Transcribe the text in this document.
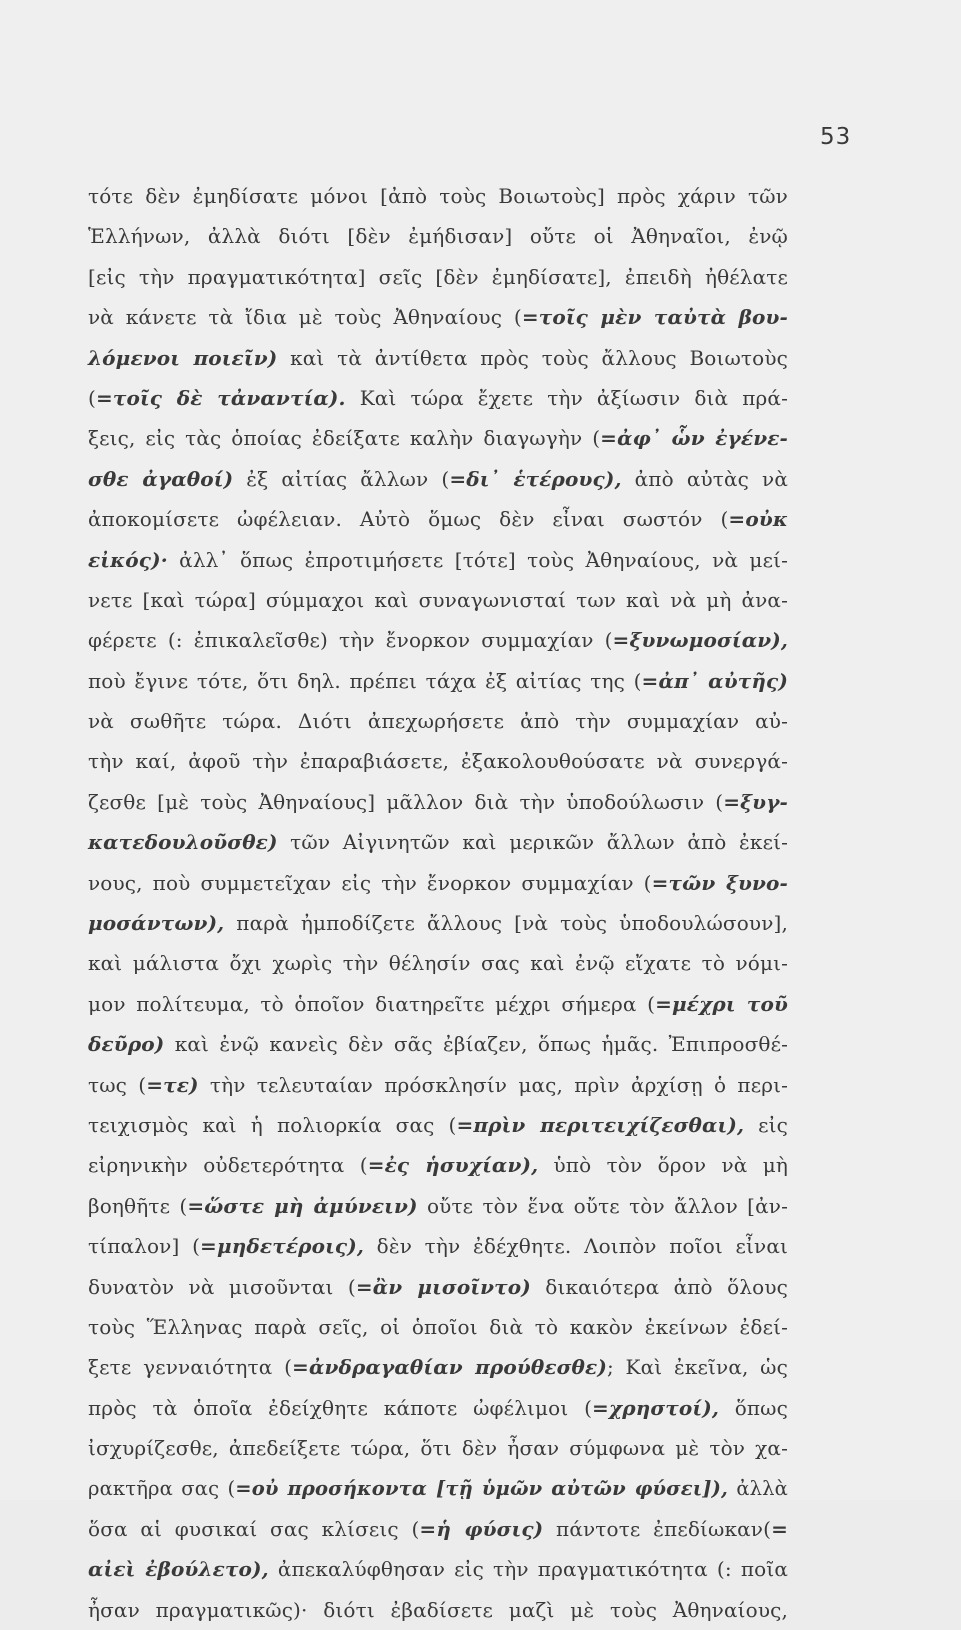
53
τότε δὲν ἐμηδίσατε μόνοι [ἀπὸ τοὺς Βοιωτοὺς] πρὸς χάριν τῶν
Ἑλλήνων, ἀλλὰ διότι [δὲν ἐμήδισαν] οὔτε οἱ Ἀθηναῖοι, ἐνῷ
[εἰς τὴν πραγματικότητα] σεῖς [δὲν ἐμηδίσατε], ἐπειδὴ ἠθέλατε
νὰ κάνετε τὰ ἴδια μὲ τοὺς Ἀθηναίους (=τοῖς μὲν ταὐτὰ βου-
λόμενοι ποιεῖν) καὶ τὰ ἀντίθετα πρὸς τοὺς ἄλλους Βοιωτοὺς
(=τοῖς δὲ τἀναντία). Καὶ τώρα ἔχετε τὴν ἀξίωσιν διὰ πρά-
ξεις, εἰς τὰς ὁποίας ἐδείξατε καλὴν διαγωγὴν (=ἀφ᾿ ὧν ἐγένε-
σθε ἀγαθοί) ἐξ αἰτίας ἄλλων (=δι᾿ ἑτέρους), ἀπὸ αὐτὰς νὰ
ἀποκομίσετε ὠφέλειαν. Αὐτὸ ὅμως δὲν εἶναι σωστόν (=οὐκ
εἰκός)· ἀλλ᾿ ὅπως ἐπροτιμήσετε [τότε] τοὺς Ἀθηναίους, νὰ μεί-
νετε [καὶ τώρα] σύμμαχοι καὶ συναγωνισταί των καὶ νὰ μὴ ἀνα-
φέρετε (: ἐπικαλεῖσθε) τὴν ἔνορκον συμμαχίαν (=ξυνωμοσίαν),
ποὺ ἔγινε τότε, ὅτι δηλ. πρέπει τάχα ἐξ αἰτίας της (=ἀπ᾿ αὐτῆς)
νὰ σωθῆτε τώρα. Διότι ἀπεχωρήσετε ἀπὸ τὴν συμμαχίαν αὐ-
τὴν καί, ἀφοῦ τὴν ἐπαραβιάσετε, ἐξακολουθούσατε νὰ συνεργά-
ζεσθε [μὲ τοὺς Ἀθηναίους] μᾶλλον διὰ τὴν ὑποδούλωσιν (=ξυγ-
κατεδουλοῦσθε) τῶν Αἰγινητῶν καὶ μερικῶν ἄλλων ἀπὸ ἐκεί-
νους, ποὺ συμμετεῖχαν εἰς τὴν ἔνορκον συμμαχίαν (=τῶν ξυνο-
μοσάντων), παρὰ ἠμποδίζετε ἄλλους [νὰ τοὺς ὑποδουλώσουν],
καὶ μάλιστα ὄχι χωρὶς τὴν θέλησίν σας καὶ ἐνῷ εἴχατε τὸ νόμι-
μον πολίτευμα, τὸ ὁποῖον διατηρεῖτε μέχρι σήμερα (=μέχρι τοῦ
δεῦρο) καὶ ἐνῷ κανεὶς δὲν σᾶς ἐβίαζεν, ὅπως ἡμᾶς. Ἐπιπροσθέ-
τως (=τε) τὴν τελευταίαν πρόσκλησίν μας, πρὶν ἀρχίσῃ ὁ περι-
τειχισμὸς καὶ ἡ πολιορκία σας (=πρὶν περιτειχίζεσθαι), εἰς
εἰρηνικὴν οὐδετερότητα (=ἐς ἡσυχίαν), ὑπὸ τὸν ὅρον νὰ μὴ
βοηθῆτε (=ὥστε μὴ ἀμύνειν) οὔτε τὸν ἕνα οὔτε τὸν ἄλλον [ἀν-
τίπαλον] (=μηδετέροις), δὲν τὴν ἐδέχθητε. Λοιπὸν ποῖοι εἶναι
δυνατὸν νὰ μισοῦνται (=ἂν μισοῖντο) δικαιότερα ἀπὸ ὅλους
τοὺς Ἕλληνας παρὰ σεῖς, οἱ ὁποῖοι διὰ τὸ κακὸν ἐκείνων ἐδεί-
ξετε γενναιότητα (=ἀνδραγαθίαν προύθεσθε); Καὶ ἐκεῖνα, ὡς
πρὸς τὰ ὁποῖα ἐδείχθητε κάποτε ὠφέλιμοι (=χρηστοί), ὅπως
ἰσχυρίζεσθε, ἀπεδείξετε τώρα, ὅτι δὲν ἦσαν σύμφωνα μὲ τὸν χα-
ρακτῆρα σας (=οὐ προσήκοντα [τῇ ὑμῶν αὐτῶν φύσει]), ἀλλὰ
ὅσα αἱ φυσικαί σας κλίσεις (=ἡ φύσις) πάντοτε ἐπεδίωκαν(=
αἰεὶ ἐβούλετο), ἀπεκαλύφθησαν εἰς τὴν πραγματικότητα (: ποῖα
ἦσαν πραγματικῶς)· διότι ἐβαδίσετε μαζὶ μὲ τοὺς Ἀθηναίους,
